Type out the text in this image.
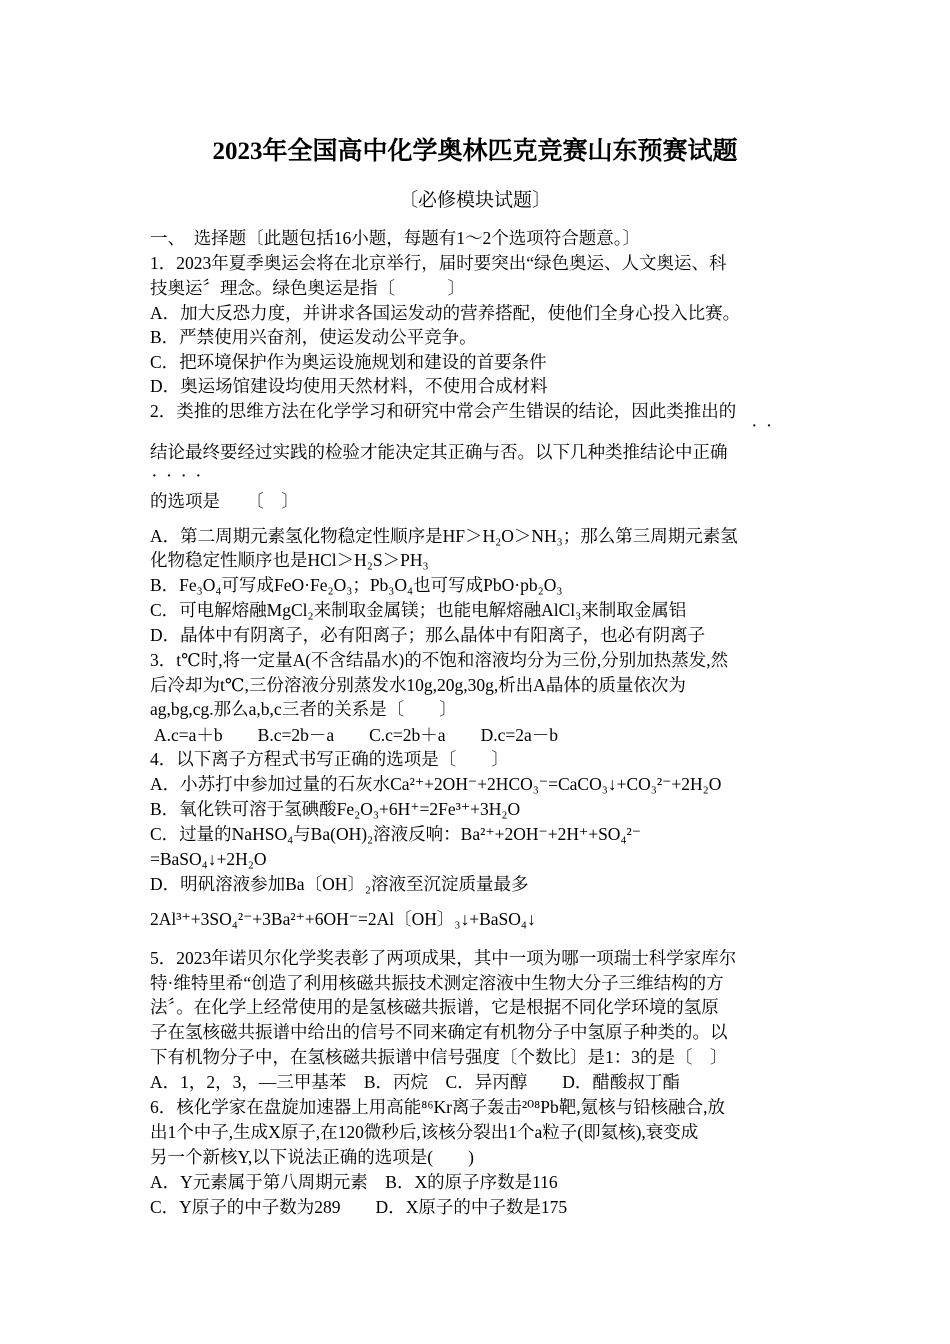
2023年全国高中化学奥林匹克竞赛山东预赛试题
〔必修模块试题〕
一、　选择题〔此题包括16小题，每题有1～2个选项符合题意。〕
1．2023年夏季奥运会将在北京举行，届时要突出“绿色奥运、人文奥运、科
技奥运〞理念。绿色奥运是指〔　　　〕
A．加大反恐力度，并讲求各国运发动的营养搭配，使他们全身心投入比赛。
B．严禁使用兴奋剂，使运发动公平竞争。
C．把环境保护作为奥运设施规划和建设的首要条件
D．奥运场馆建设均使用天然材料，不使用合成材料
2．类推的思维方法在化学学习和研究中常会产生错误的结论，因此类推出的
··
结论最终要经过实践的检验才能决定其正确与否。以下几种类推结论中正确
····
的选项是　　〔　〕
A．第二周期元素氢化物稳定性顺序是HF＞H₂O＞NH₃；那么第三周期元素氢
化物稳定性顺序也是HCl＞H₂S＞PH₃
B．Fe₃O₄可写成FeO·Fe₂O₃；Pb₃O₄也可写成PbO·pb₂O₃
C．可电解熔融MgCl₂来制取金属镁；也能电解熔融AlCl₃来制取金属铝
D．晶体中有阴离子，必有阳离子；那么晶体中有阳离子，也必有阴离子
3．t℃时,将一定量A(不含结晶水)的不饱和溶液均分为三份,分别加热蒸发,然
后冷却为t℃,三份溶液分别蒸发水10g,20g,30g,析出A晶体的质量依次为
ag,bg,cg.那么a,b,c三者的关系是〔　　〕
A.c=a＋b　　B.c=2b－a　　C.c=2b＋a　　D.c=2a－b
4．以下离子方程式书写正确的选项是〔　　〕
A．小苏打中参加过量的石灰水Ca²⁺+2OH⁻+2HCO₃⁻=CaCO₃↓+CO₃²⁻+2H₂O
B．氧化铁可溶于氢碘酸Fe₂O₃+6H⁺=2Fe³⁺+3H₂O
C．过量的NaHSO₄与Ba(OH)₂溶液反响：Ba²⁺+2OH⁻+2H⁺+SO₄²⁻
=BaSO₄↓+2H₂O
D．明矾溶液参加Ba〔OH〕₂溶液至沉淀质量最多
2Al³⁺+3SO₄²⁻+3Ba²⁺+6OH⁻=2Al〔OH〕₃↓+BaSO₄↓
5．2023年诺贝尔化学奖表彰了两项成果，其中一项为哪一项瑞士科学家库尔
特·维特里希“创造了利用核磁共振技术测定溶液中生物大分子三维结构的方
法〞。在化学上经常使用的是氢核磁共振谱，它是根据不同化学环境的氢原
子在氢核磁共振谱中给出的信号不同来确定有机物分子中氢原子种类的。以
下有机物分子中，在氢核磁共振谱中信号强度〔个数比〕是1：3的是〔　〕
A．1，2，3，—三甲基苯　B．丙烷　C．异丙醇　　D．醋酸叔丁酯
6．核化学家在盘旋加速器上用高能⁸⁶Kr离子轰击²⁰⁸Pb靶,氪核与铅核融合,放
出1个中子,生成X原子,在120微秒后,该核分裂出1个a粒子(即氦核),衰变成
另一个新核Y,以下说法正确的选项是(　　)
A．Y元素属于第八周期元素　B．X的原子序数是116
C．Y原子的中子数为289　　D．X原子的中子数是175
